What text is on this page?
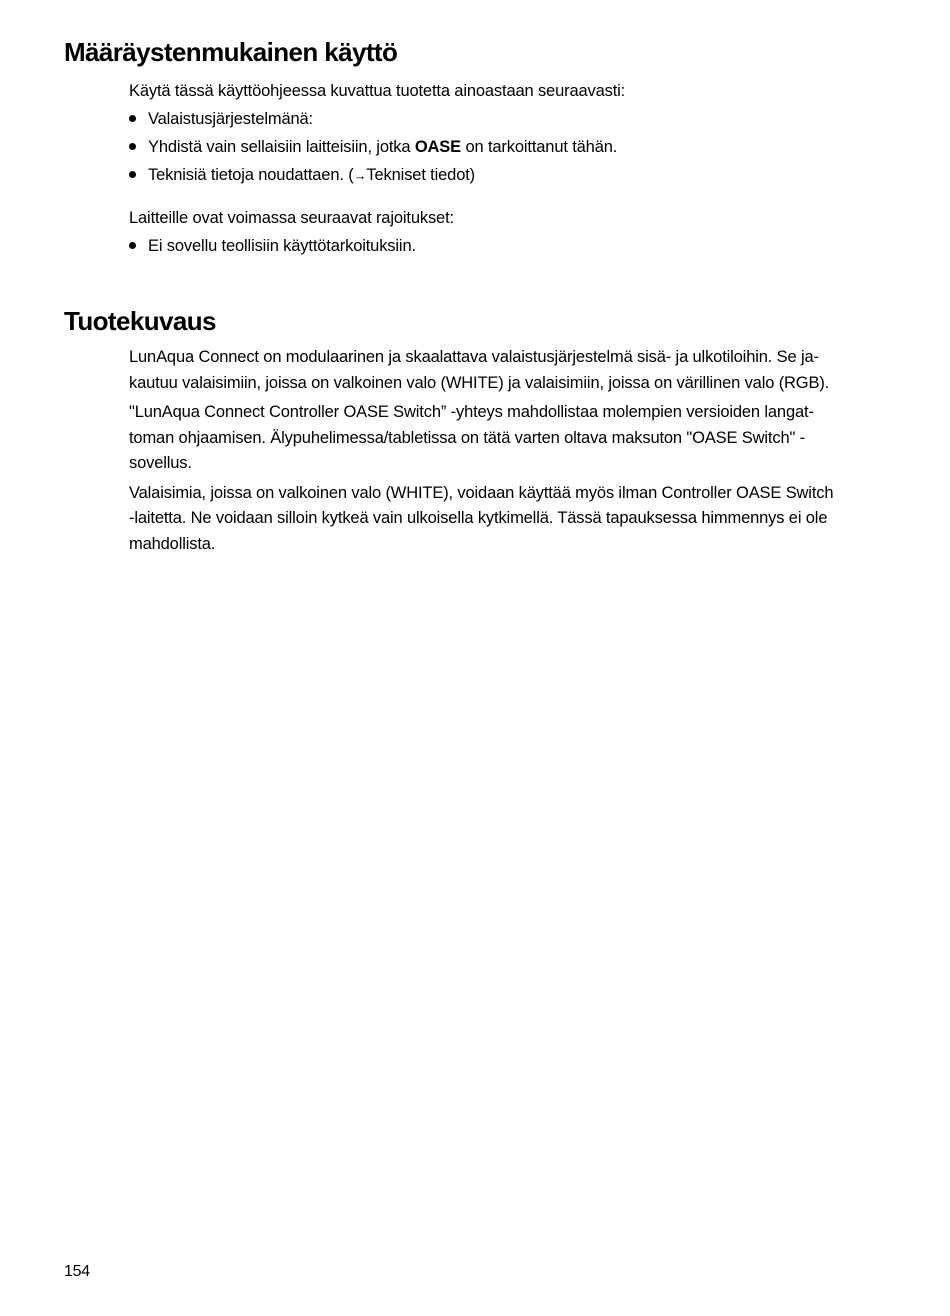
Määräystenmukainen käyttö

Käytä tässä käyttöohjeessa kuvattua tuotetta ainoastaan seuraavasti:

Valaistusjärjestelmänä:

Yhdistä vain sellaisiin laitteisiin, jotka OASE on tarkoittanut tähän.

Teknisiä tietoja noudattaen. (→Tekniset tiedot)

Laitteille ovat voimassa seuraavat rajoitukset:

Ei sovellu teollisiin käyttötarkoituksiin.

Tuotekuvaus

LunAqua Connect on modulaarinen ja skaalattava valaistusjärjestelmä sisä- ja ulkotiloihin. Se ja-
kautuu valaisimiin, joissa on valkoinen valo (WHITE) ja valaisimiin, joissa on värillinen valo (RGB).

"LunAqua Connect Controller OASE Switch” -yhteys mahdollistaa molempien versioiden langat-
toman ohjaamisen. Älypuhelimessa/tabletissa on tätä varten oltava maksuton "OASE Switch" -
sovellus.

Valaisimia, joissa on valkoinen valo (WHITE), voidaan käyttää myös ilman Controller OASE Switch
-laitetta. Ne voidaan silloin kytkeä vain ulkoisella kytkimellä. Tässä tapauksessa himmennys ei ole
mahdollista.

154
